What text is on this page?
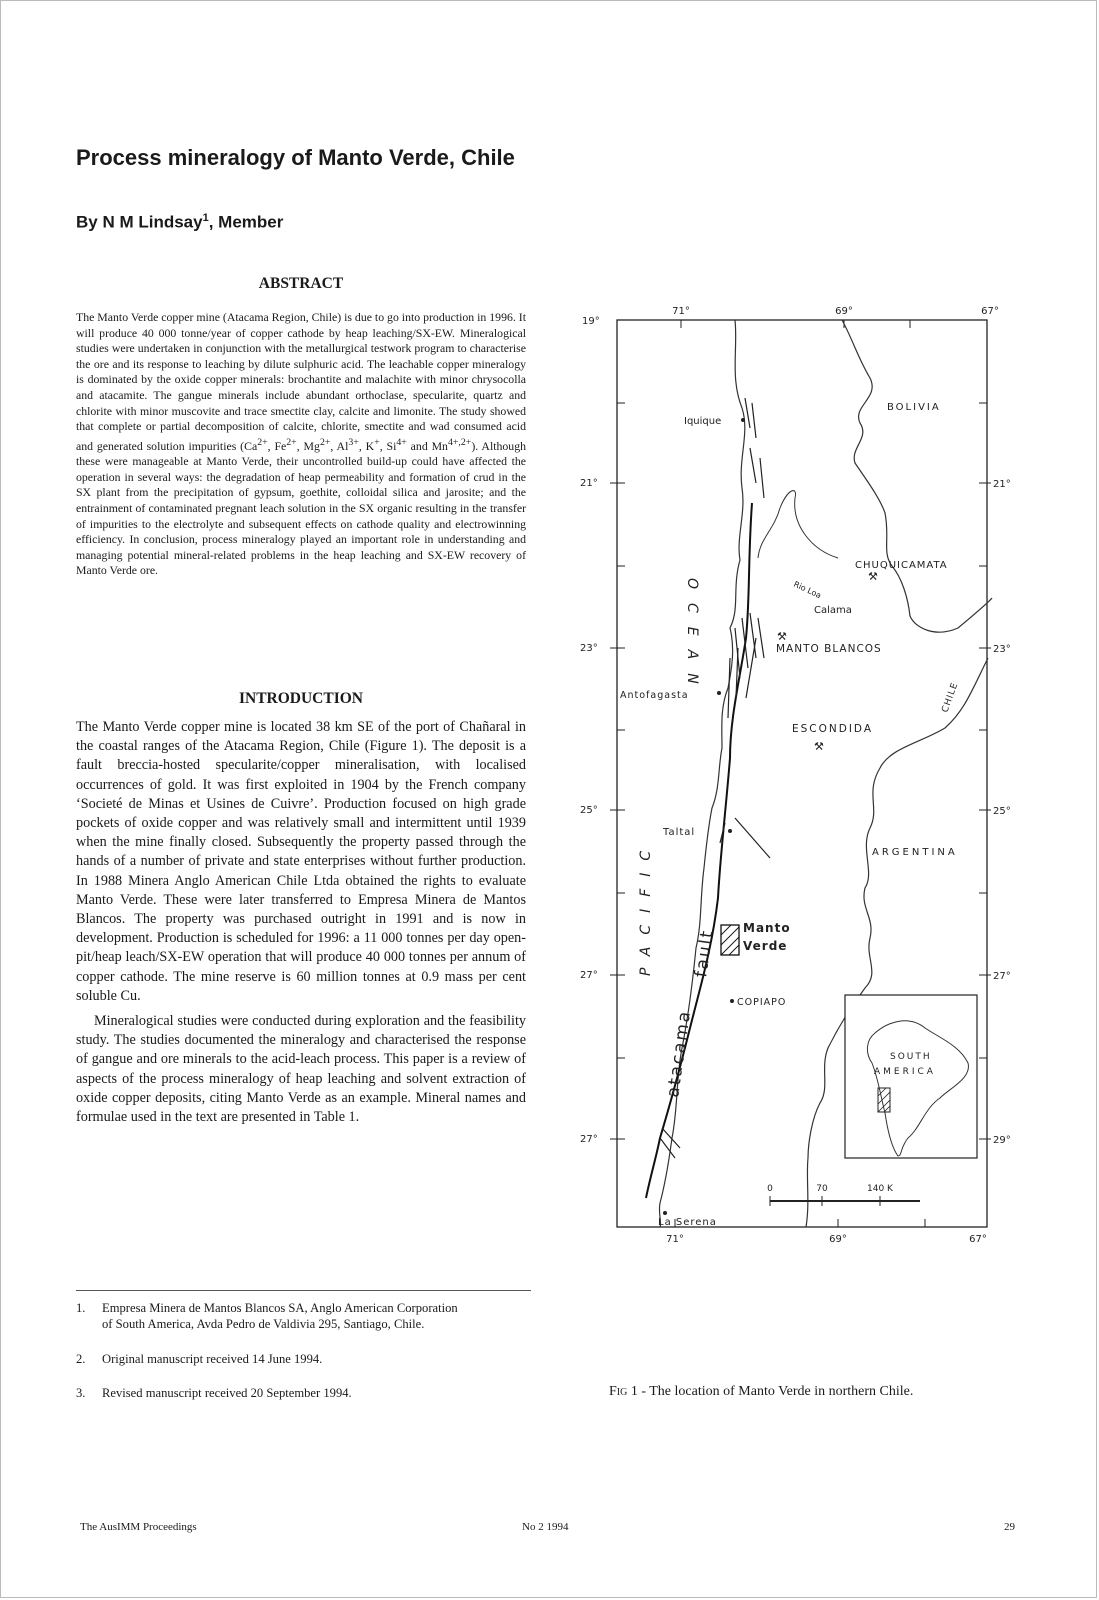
Process mineralogy of Manto Verde, Chile
By N M Lindsay$^1$, Member
ABSTRACT
The Manto Verde copper mine (Atacama Region, Chile) is due to go into production in 1996. It will produce 40 000 tonne/year of copper cathode by heap leaching/SX-EW. Mineralogical studies were undertaken in conjunction with the metallurgical testwork program to characterise the ore and its response to leaching by dilute sulphuric acid. The leachable copper mineralogy is dominated by the oxide copper minerals: brochantite and malachite with minor chrysocolla and atacamite. The gangue minerals include abundant orthoclase, specularite, quartz and chlorite with minor muscovite and trace smectite clay, calcite and limonite. The study showed that complete or partial decomposition of calcite, chlorite, smectite and wad consumed acid and generated solution impurities ($Ca^{2+}$, $Fe^{2+}$, $Mg^{2+}$, $Al^{3+}$, K+, $Si^{4+}$ and $Mn^{4+,2+}$). Although these were manageable at Manto Verde, their uncontrolled build-up could have affected the operation in several ways: the degradation of heap permeability and formation of crud in the SX plant from the precipitation of gypsum, goethite, colloidal silica and jarosite; and the entrainment of contaminated pregnant leach solution in the SX organic resulting in the transfer of impurities to the electrolyte and subsequent effects on cathode quality and electrowinning efficiency. In conclusion, process mineralogy played an important role in understanding and managing potential mineral-related problems in the heap leaching and SX-EW recovery of Manto Verde ore.
INTRODUCTION

The Manto Verde copper mine is located 38 km SE of the port of Chañaral in the coastal ranges of the Atacama Region, Chile (Figure 1). The deposit is a fault breccia-hosted specularite/copper mineralisation, with localised occurrences of gold. It was first exploited in 1904 by the French company ‘Societé de Minas et Usines de Cuivre’. Production focused on high grade pockets of oxide copper and was relatively small and intermittent until 1939 when the mine finally closed. Subsequently the property passed through the hands of a number of private and state enterprises without further production. In 1988 Minera Anglo American Chile Ltda obtained the rights to evaluate Manto Verde. These were later transferred to Empresa Minera de Mantos Blancos. The property was purchased outright in 1991 and is now in development. Production is scheduled for 1996: a 11 000 tonnes per day open-pit/heap leach/SX-EW operation that will produce 40 000 tonnes per annum of copper cathode. The mine reserve is 60 million tonnes at 0.9 mass per cent soluble Cu.

Mineralogical studies were conducted during exploration and the feasibility study. The studies documented the mineralogy and characterised the response of gangue and ore minerals to the acid-leach process. This paper is a review of aspects of the process mineralogy of heap leaching and solvent extraction of oxide copper deposits, citing Manto Verde as an example. Mineral names and formulae used in the text are presented in Table 1.

1. Empresa Minera de Mantos Blancos SA, Anglo American Corporation
of South America, Avda Pedro de Valdivia 295, Santiago, Chile.
2. Original manuscript received 14 June 1994.
3. Revised manuscript received 20 September 1994.
71°	69°	67°
71°	69°	67°
19°
21°
23°
25°
27°
27°
21°
23°
25°
27°
29°
⚒
⚒
⚒
Iquique
BOLIVIA
CHUQUICAMATA
Rio Loa
Calama
MANTO BLANCOS
Antofagasta	CHILE
ESCONDIDA
Taltal
ARGENTINA
Manto
Verde
COPIAPO
La Serena
OCEAN
PACIFIC
atacama
fault
SOUTH
AMERICA
0	70	140 K
Fig 1 - The location of Manto Verde in northern Chile.
The AusIMM Proceedings	No 2 1994	29
